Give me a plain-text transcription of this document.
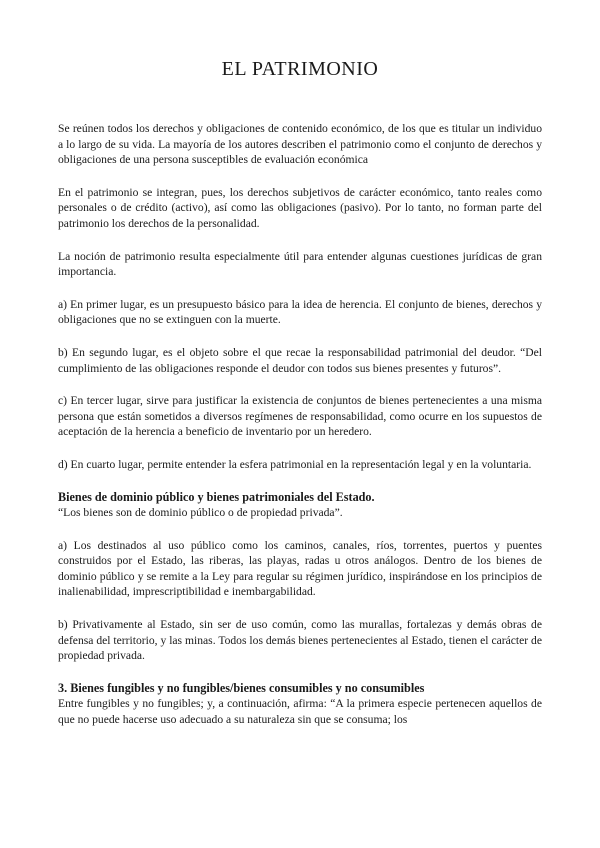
EL PATRIMONIO

Se reúnen todos los derechos y obligaciones de contenido económico, de los que es titular un individuo a lo largo de su vida. La mayoría de los autores describen el patrimonio como el conjunto de derechos y obligaciones de una persona susceptibles de evaluación económica

En el patrimonio se integran, pues, los derechos subjetivos de carácter económico, tanto reales como personales o de crédito (activo), así como las obligaciones (pasivo). Por lo tanto, no forman parte del patrimonio los derechos de la personalidad.

La noción de patrimonio resulta especialmente útil para entender algunas cuestiones jurídicas de gran importancia.

a) En primer lugar, es un presupuesto básico para la idea de herencia. El conjunto de bienes, derechos y obligaciones que no se extinguen con la muerte.

b) En segundo lugar, es el objeto sobre el que recae la responsabilidad patrimonial del deudor. “Del cumplimiento de las obligaciones responde el deudor con todos sus bienes presentes y futuros”.

c) En tercer lugar, sirve para justificar la existencia de conjuntos de bienes pertenecientes a una misma persona que están sometidos a diversos regímenes de responsabilidad, como ocurre en los supuestos de aceptación de la herencia a beneficio de inventario por un heredero.

d) En cuarto lugar, permite entender la esfera patrimonial en la representación legal y en la voluntaria.

Bienes de dominio público y bienes patrimoniales del Estado.

“Los bienes son de dominio público o de propiedad privada”.

a) Los destinados al uso público como los caminos, canales, ríos, torrentes, puertos y puentes construidos por el Estado, las riberas, las playas, radas u otros análogos. Dentro de los bienes de dominio público y se remite a la Ley para regular su régimen jurídico, inspirándose en los principios de inalienabilidad, imprescriptibilidad e inembargabilidad.

b) Privativamente al Estado, sin ser de uso común, como las murallas, fortalezas y demás obras de defensa del territorio, y las minas. Todos los demás bienes pertenecientes al Estado, tienen el carácter de propiedad privada.

3. Bienes fungibles y no fungibles/bienes consumibles y no consumibles

Entre fungibles y no fungibles; y, a continuación, afirma: “A la primera especie pertenecen aquellos de que no puede hacerse uso adecuado a su naturaleza sin que se consuma; los
